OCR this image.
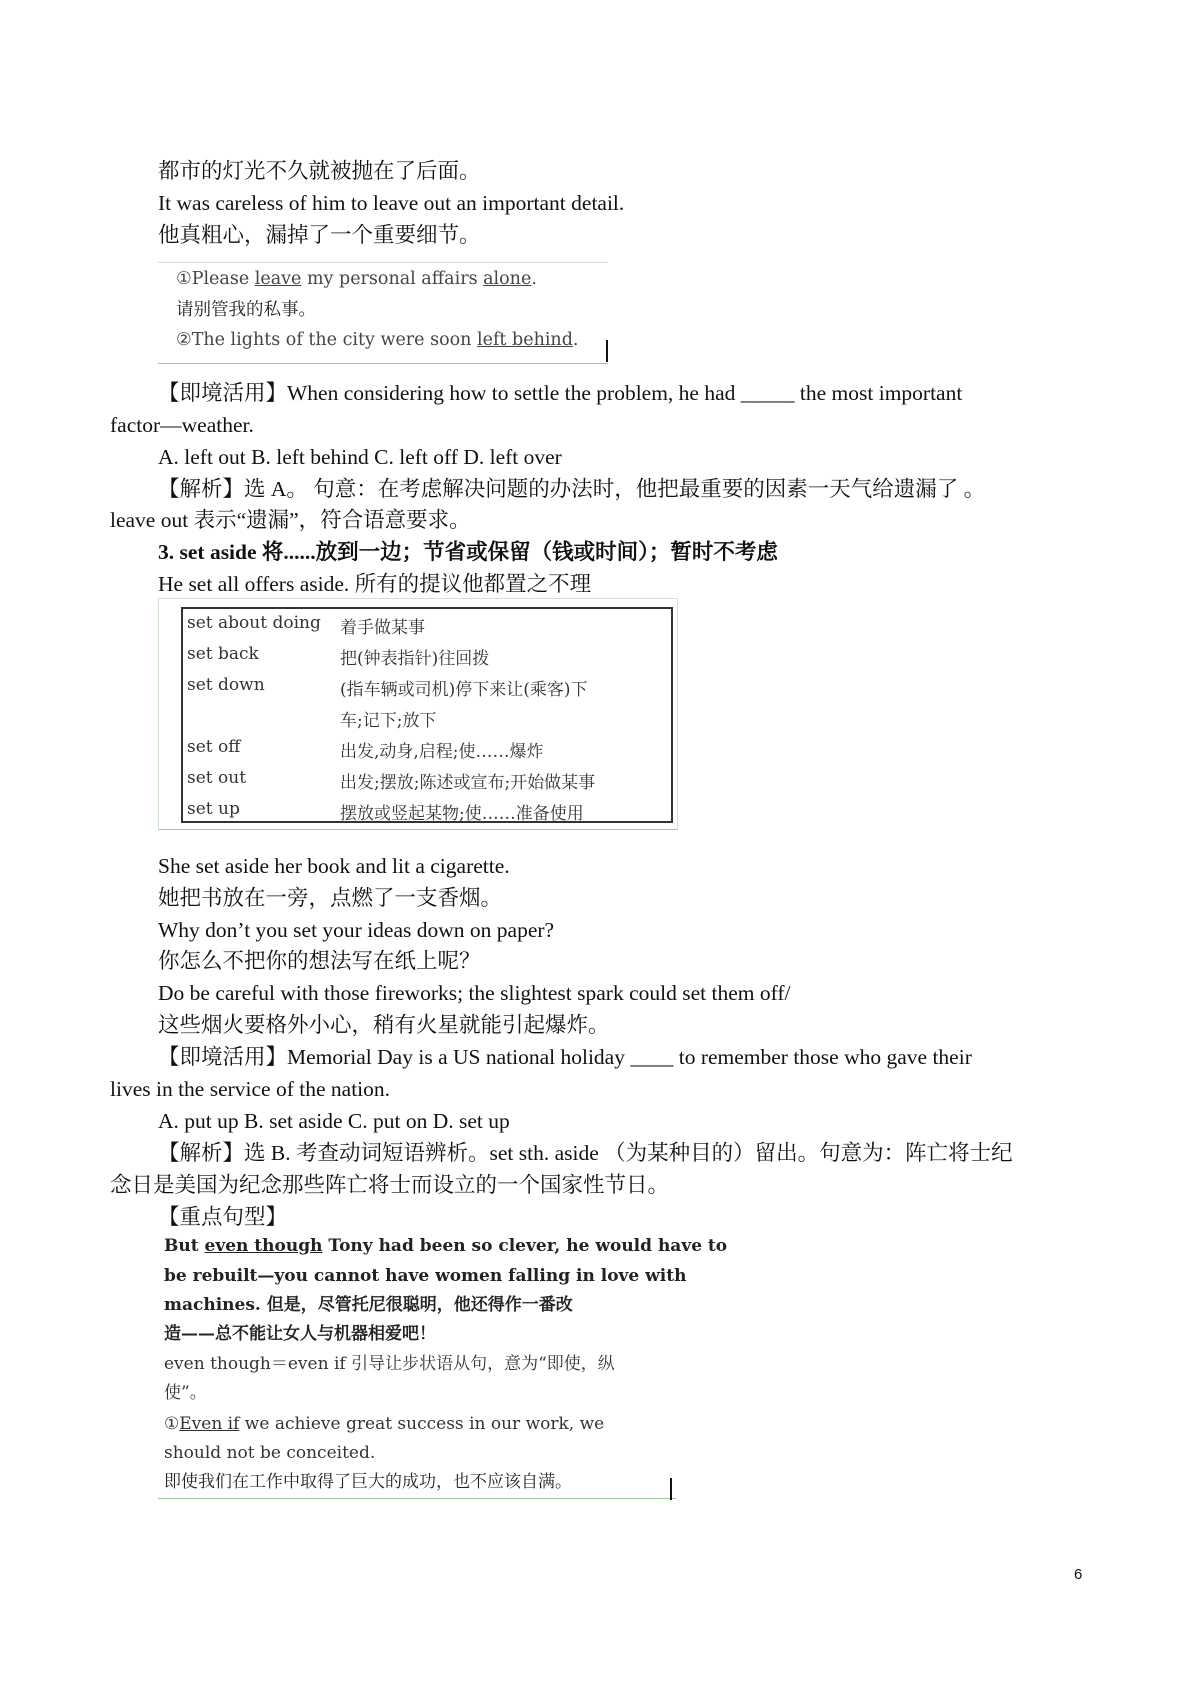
都市的灯光不久就被抛在了后面。
It was careless of him to leave out an important detail.
他真粗心，漏掉了一个重要细节。
①Please leave my personal affairs alone.
请别管我的私事。
②The lights of the city were soon left behind.
【即境活用】When considering how to settle the problem, he had _____ the most important
factor—weather.
A. left out B. left behind C. left off D. left over
【解析】选 A。 句意：在考虑解决问题的办法时，他把最重要的因素一天气给遗漏了 。
leave out 表示“遗漏”，符合语意要求。
3. set aside 将......放到一边；节省或保留（钱或时间）；暂时不考虑
He set all offers aside. 所有的提议他都置之不理
set about doing 着手做某事
set back	把(钟表指针)往回拨
set down	(指车辆或司机)停下来让(乘客)下
车;记下;放下
set off	出发,动身,启程;使……爆炸
set out	出发;摆放;陈述或宣布;开始做某事
set up	摆放或竖起某物;使……准备使用
She set aside her book and lit a cigarette.
她把书放在一旁，点燃了一支香烟。
Why don’t you set your ideas down on paper?
你怎么不把你的想法写在纸上呢？
Do be careful with those fireworks; the slightest spark could set them off/
这些烟火要格外小心，稍有火星就能引起爆炸。
【即境活用】Memorial Day is a US national holiday ____ to remember those who gave their
lives in the service of the nation.
A. put up B. set aside C. put on D. set up
【解析】选 B. 考查动词短语辨析。set sth. aside （为某种目的）留出。句意为：阵亡将士纪
念日是美国为纪念那些阵亡将士而设立的一个国家性节日。
【重点句型】
But even though Tony had been so clever, he would have to
be rebuilt—you cannot have women falling in love with
machines. 但是，尽管托尼很聪明，他还得作一番改
造——总不能让女人与机器相爱吧！
even though＝even if 引导让步状语从句，意为“即使，纵
使”。
①Even if we achieve great success in our work, we
should not be conceited.
即使我们在工作中取得了巨大的成功，也不应该自满。
6
